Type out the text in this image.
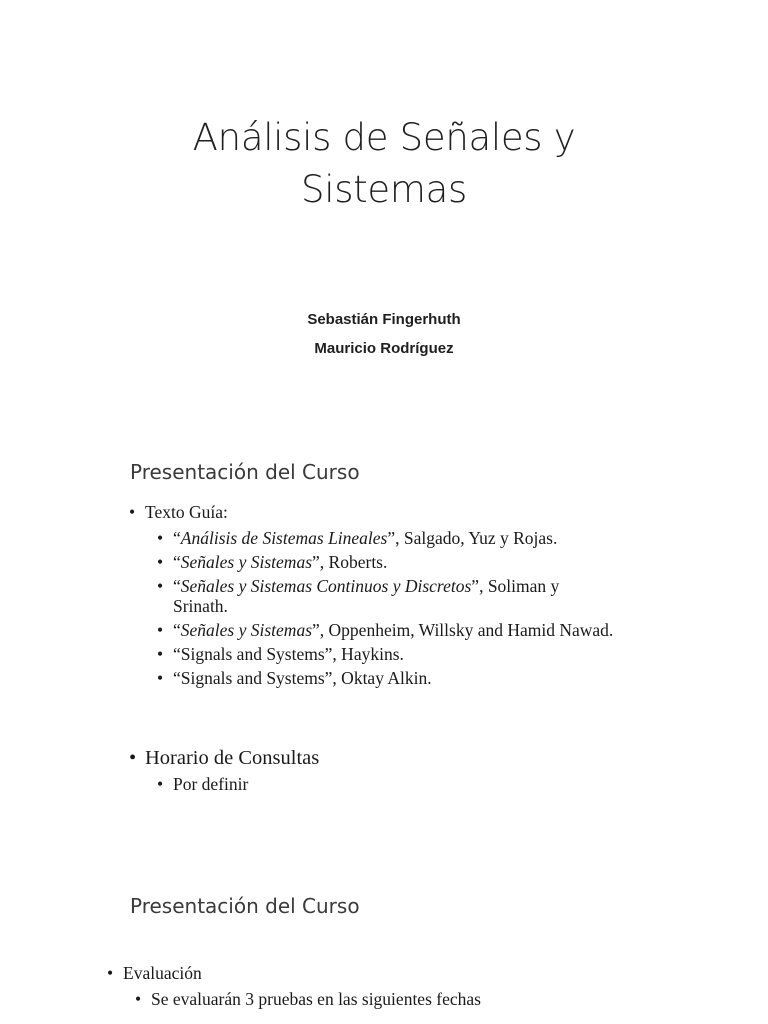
Análisis de Señales y
Sistemas
Sebastián Fingerhuth
Mauricio Rodríguez
Presentación del Curso
• Texto Guía:
• “Análisis de Sistemas Lineales”, Salgado, Yuz y Rojas.
• “Señales y Sistemas”, Roberts.
• “Señales y Sistemas Continuos y Discretos”, Soliman y Srinath.
• “Señales y Sistemas”, Oppenheim, Willsky and Hamid Nawad.
• “Signals and Systems”, Haykins.
• “Signals and Systems”, Oktay Alkin.
• Horario de Consultas
• Por definir
Presentación del Curso
• Evaluación
• Se evaluarán 3 pruebas en las siguientes fechas
